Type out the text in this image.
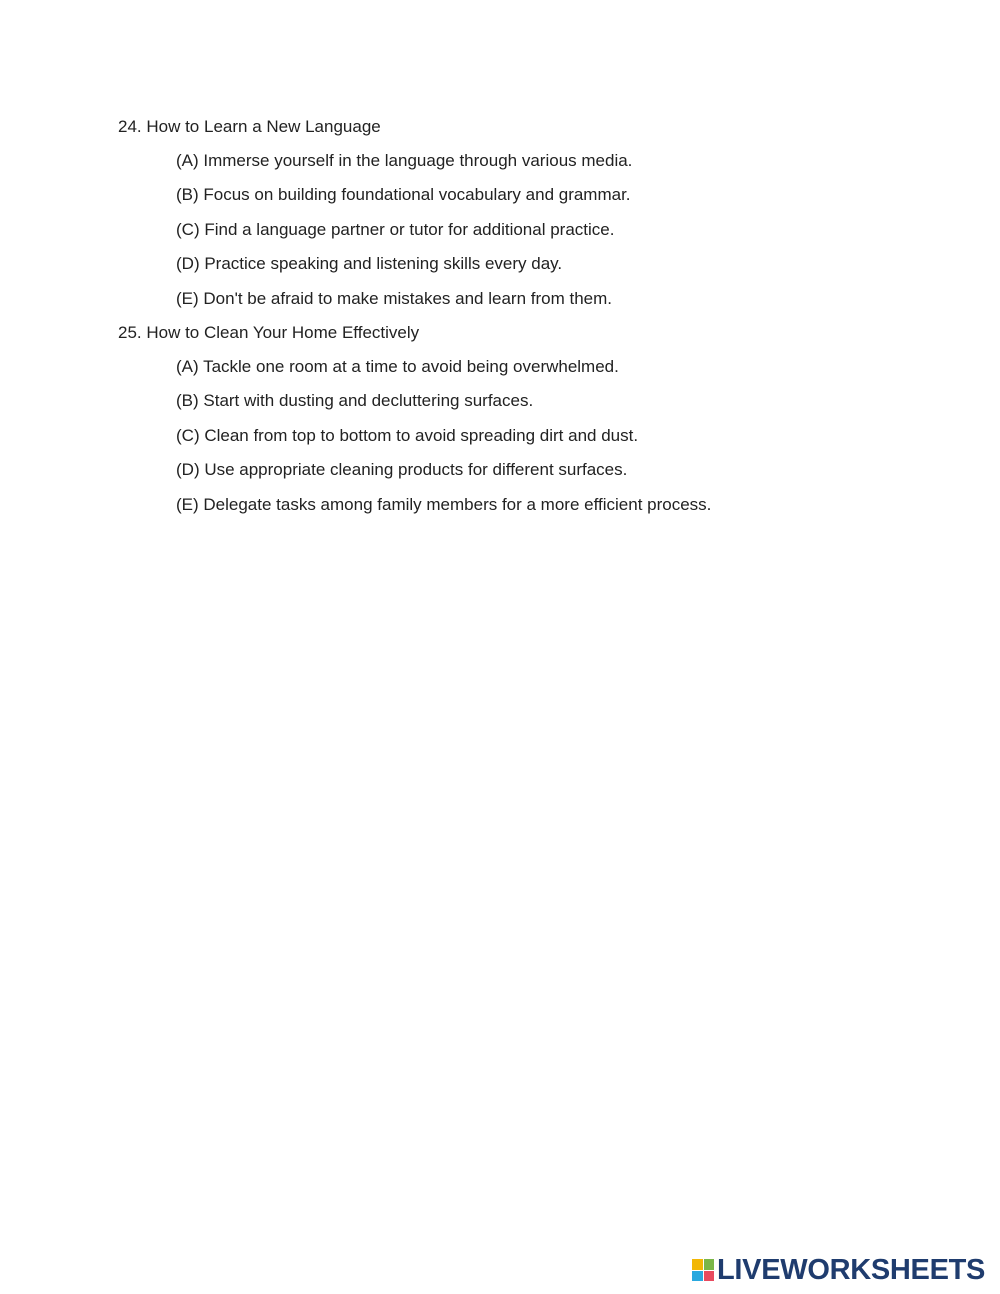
24. How to Learn a New Language

(A) Immerse yourself in the language through various media.

(B) Focus on building foundational vocabulary and grammar.

(C) Find a language partner or tutor for additional practice.

(D) Practice speaking and listening skills every day.

(E) Don't be afraid to make mistakes and learn from them.

25. How to Clean Your Home Effectively

(A) Tackle one room at a time to avoid being overwhelmed.

(B) Start with dusting and decluttering surfaces.

(C) Clean from top to bottom to avoid spreading dirt and dust.

(D) Use appropriate cleaning products for different surfaces.

(E) Delegate tasks among family members for a more efficient process.

LIVEWORKSHEETS
